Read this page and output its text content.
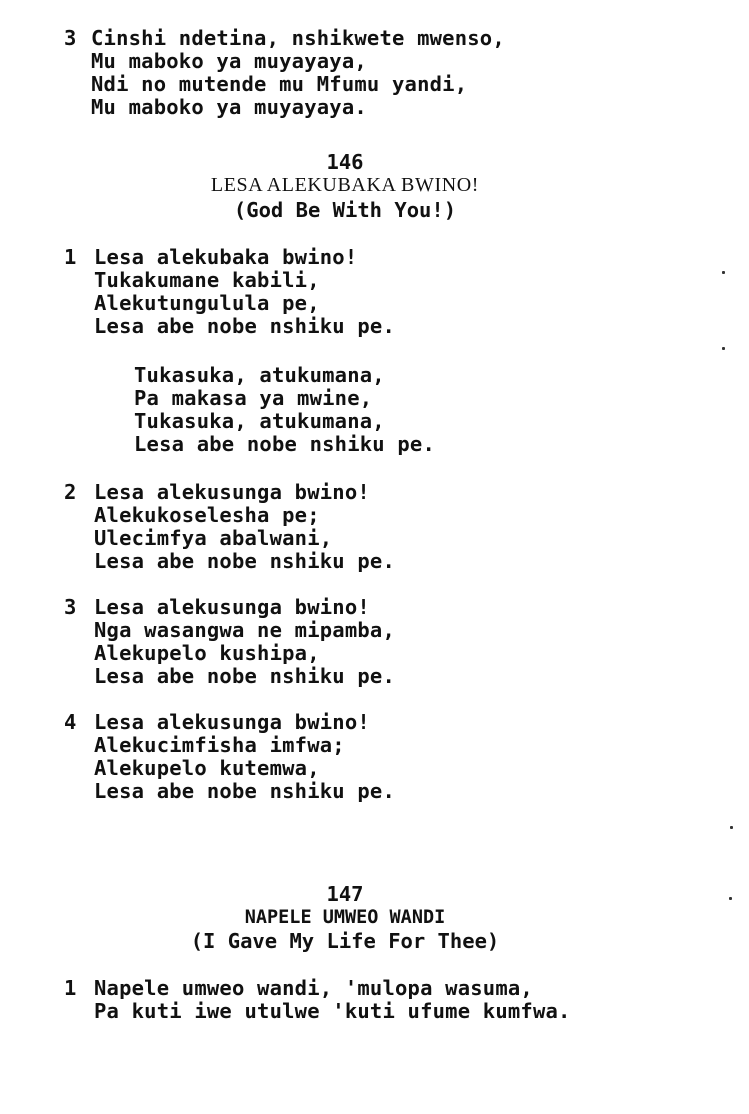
3 Cinshi ndetina, nshikwete mwenso,
Mu maboko ya muyayaya,
Ndi no mutende mu Mfumu yandi,
Mu maboko ya muyayaya.
146
LESA ALEKUBAKA BWINO!
(God Be With You!)
1 Lesa alekubaka bwino!
Tukakumane kabili,
Alekutungulula pe,
Lesa abe nobe nshiku pe.
Tukasuka, atukumana,
Pa makasa ya mwine,
Tukasuka, atukumana,
Lesa abe nobe nshiku pe.
2 Lesa alekusunga bwino!
Alekukoselesha pe;
Ulecimfya abalwani,
Lesa abe nobe nshiku pe.
3 Lesa alekusunga bwino!
Nga wasangwa ne mipamba,
Alekupelo kushipa,
Lesa abe nobe nshiku pe.
4 Lesa alekusunga bwino!
Alekucimfisha imfwa;
Alekupelo kutemwa,
Lesa abe nobe nshiku pe.
147
NAPELE UMWEO WANDI
(I Gave My Life For Thee)
1 Napele umweo wandi, 'mulopa wasuma,
Pa kuti iwe utulwe 'kuti ufume kumfwa.
